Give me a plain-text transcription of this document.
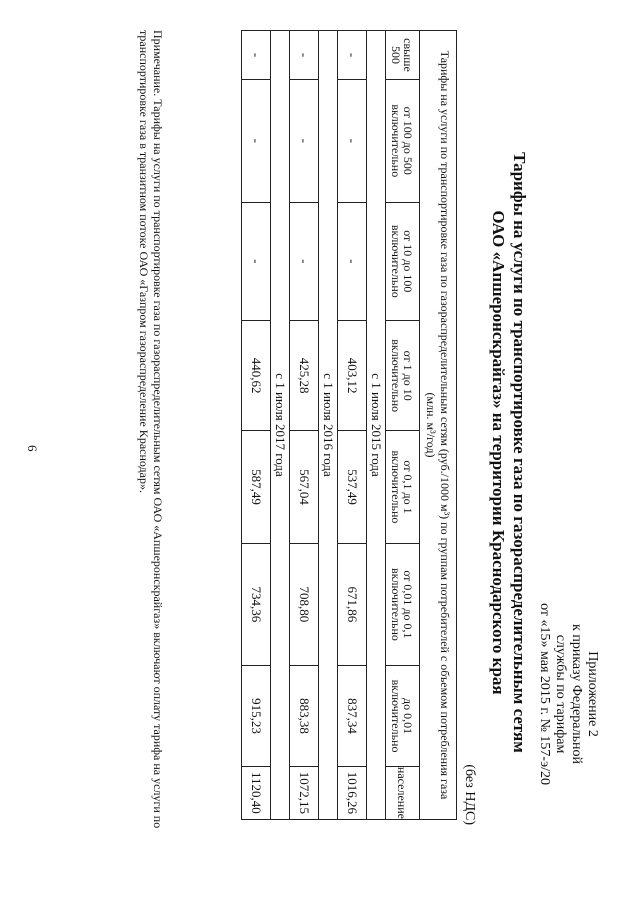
Приложение 2
к приказу Федеральной
службы по тарифам
от «15» мая 2015 г. № 157-э/20
Тарифы на услуги по транспортировке газа по газораспределительным сетям
ОАО «Апшеронскрайгаз» на территории Краснодарского края
(без НДС)
Тарифы на услуги по транспортировке газа по газораспределительным сетям (руб./1000 м³) по группам потребителей с объемом потребления газа (млн. м³/год)							
свыше 500	от 100 до 500 включительно	от 10 до 100 включительно	от 1 до 10 включительно	от 0,1 до 1 включительно	от 0,01 до 0,1 включительно	до 0,01 включительно	население
с 1 июля 2015 года							
-	-	-	403,12	537,49	671,86	837,34	1016,26
с 1 июля 2016 года							
-	-	-	425,28	567,04	708,80	883,38	1072,15
с 1 июля 2017 года							
-	-	-	440,62	587,49	734,36	915,23	1120,40
Примечание. Тарифы на услуги по транспортировке газа по газораспределительным сетям ОАО «Апшеронскрайгаз» включают оплату тарифа на услуги по транспортировке газа в транзитном потоке ОАО «Газпром газораспределение Краснодар».
6
